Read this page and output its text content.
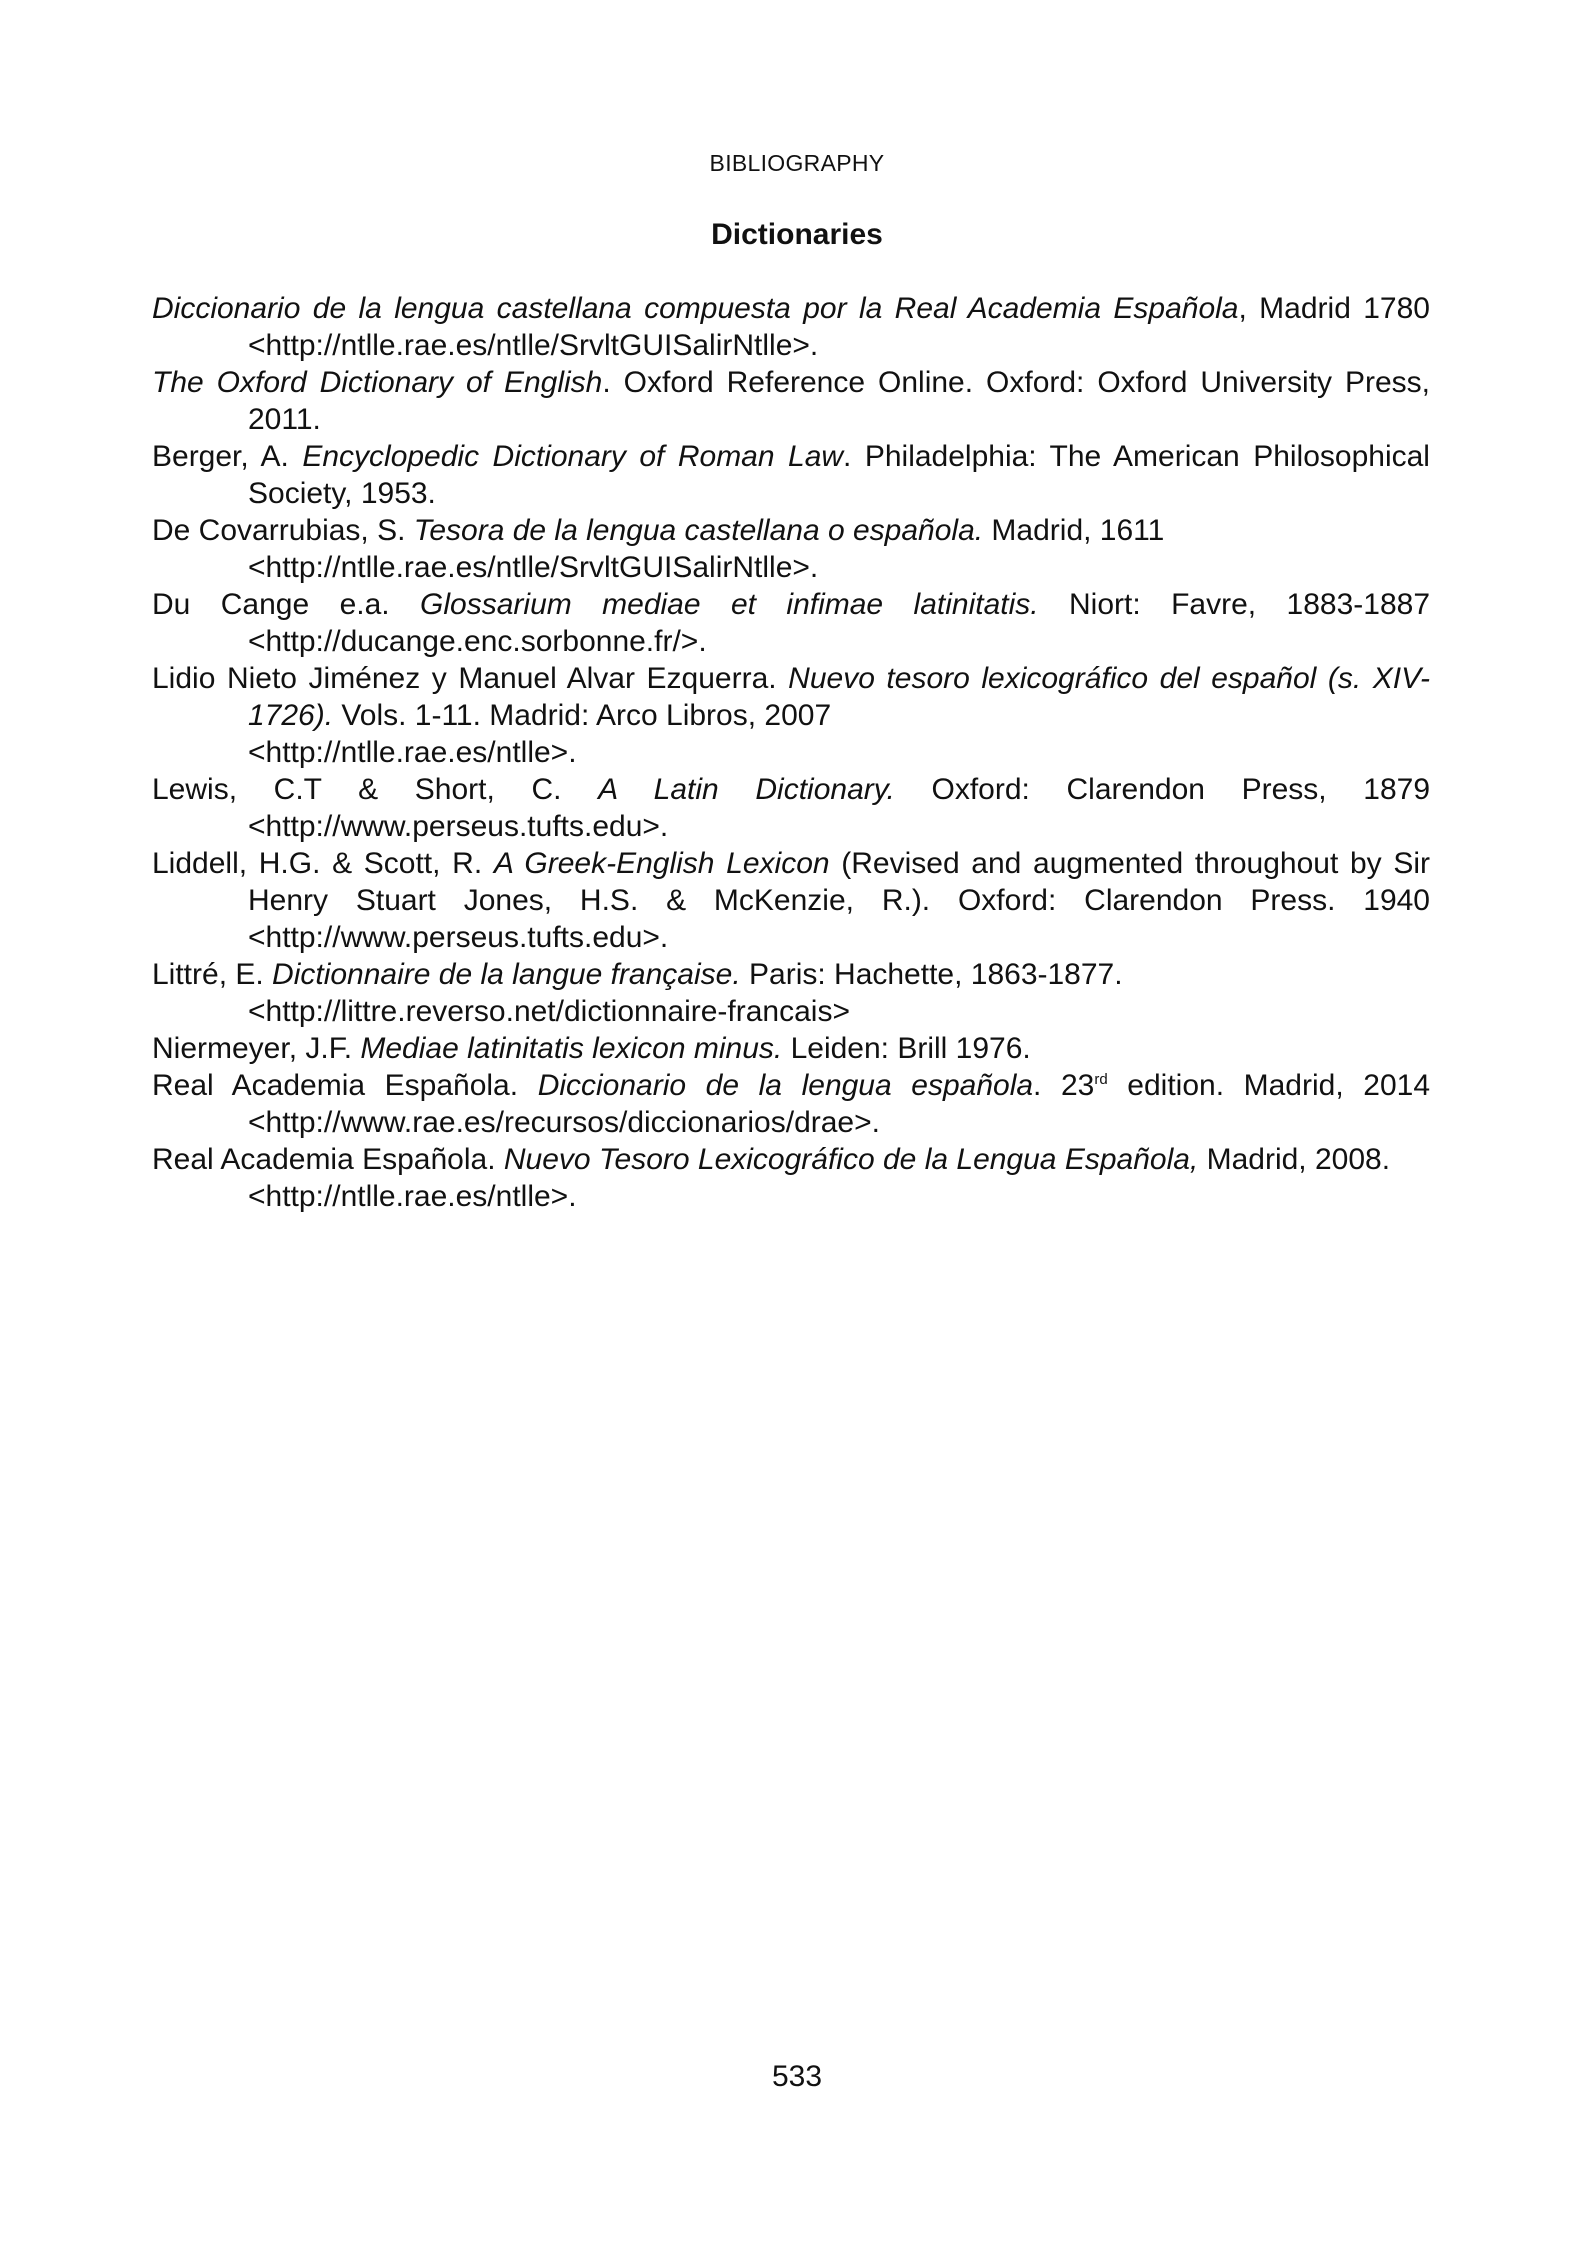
BIBLIOGRAPHY
Dictionaries

Diccionario de la lengua castellana compuesta por la Real Academia Española, Madrid 1780 <http://ntlle.rae.es/ntlle/SrvltGUISalirNtlle>.

The Oxford Dictionary of English. Oxford Reference Online. Oxford: Oxford University Press, 2011.

Berger, A. Encyclopedic Dictionary of Roman Law. Philadelphia: The American Philosophical Society, 1953.

De Covarrubias, S. Tesora de la lengua castellana o española. Madrid, 1611
<http://ntlle.rae.es/ntlle/SrvltGUISalirNtlle>.

Du Cange e.a. Glossarium mediae et infimae latinitatis. Niort: Favre, 1883-1887 <http://ducange.enc.sorbonne.fr/>.

Lidio Nieto Jiménez y Manuel Alvar Ezquerra. Nuevo tesoro lexicográfico del español (s. XIV-1726). Vols. 1-11. Madrid: Arco Libros, 2007
<http://ntlle.rae.es/ntlle>.

Lewis, C.T & Short, C. A Latin Dictionary. Oxford: Clarendon Press, 1879 <http://www.perseus.tufts.edu>.

Liddell, H.G. & Scott, R. A Greek-English Lexicon (Revised and augmented throughout by Sir Henry Stuart Jones, H.S. & McKenzie, R.). Oxford: Clarendon Press. 1940 <http://www.perseus.tufts.edu>.

Littré, E. Dictionnaire de la langue française. Paris: Hachette, 1863-1877.
<http://littre.reverso.net/dictionnaire-francais>

Niermeyer, J.F. Mediae latinitatis lexicon minus. Leiden: Brill 1976.

Real Academia Española. Diccionario de la lengua española. 23rd edition. Madrid, 2014 <http://www.rae.es/recursos/diccionarios/drae>.

Real Academia Española. Nuevo Tesoro Lexicográfico de la Lengua Española, Madrid, 2008.
<http://ntlle.rae.es/ntlle>.

533
